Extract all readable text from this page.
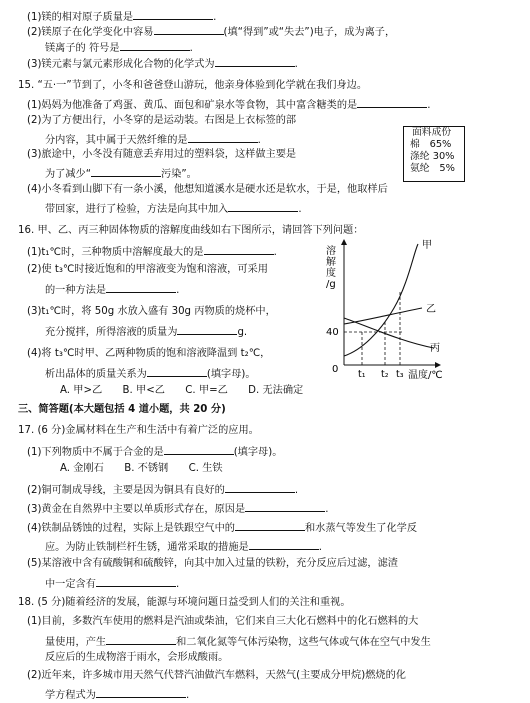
(1)镁的相对原子质量是	.
(2)镁原子在化学变化中容易	(填“得到”或“失去”)电子，成为离子，
镁离子的 符号是	.
(3)镁元素与氯元素形成化合物的化学式为	.
15. “五·一”节到了，小冬和爸爸登山游玩，他亲身体验到化学就在我们身边。
(1)妈妈为他准备了鸡蛋、黄瓜、面包和矿泉水等食物，其中富含糖类的是	.
(2)为了方便出行，小冬穿的是运动装。右图是上衣标签的部
分内容，其中属于天然纤维的是	.
(3)旅途中，小冬没有随意丢弃用过的塑料袋，这样做主要是
为了减少“	污染”。
(4)小冬看到山脚下有一条小溪，他想知道溪水是硬水还是软水，于是，他取样后
带回家，进行了检验，方法是向其中加入	.
面料成份
棉　65%
涤纶 30%
氨纶　5%
16. 甲、乙、丙三种固体物质的溶解度曲线如右下图所示，请回答下列问题：
(1)t₁℃时，三种物质中溶解度最大的是	.
(2)使 t₃℃时接近饱和的甲溶液变为饱和溶液，可采用
的一种方法是	.
(3)t₁℃时，将 50g 水放入盛有 30g 丙物质的烧杯中，
充分搅拌，所得溶液的质量为	g.
(4)将 t₃℃时甲、乙两种物质的饱和溶液降温到 t₂℃，
析出晶体的质量关系为	(填字母)。
A. 甲>乙　　B. 甲<乙　　C. 甲=乙　　D. 无法确定
溶 解 度 /g
0
40
t₁ t₂ t₃ 温度/℃
甲
乙
丙
三、简答题(本大题包括 4 道小题，共 20 分)
17. (6 分)金属材料在生产和生活中有着广泛的应用。
(1)下列物质中不属于合金的是	(填字母)。
A. 金刚石　　B. 不锈钢　　C. 生铁
(2)铜可制成导线，主要是因为铜具有良好的	.
(3)黄金在自然界中主要以单质形式存在，原因是	.
(4)铁制品锈蚀的过程，实际上是铁跟空气中的	和水蒸气等发生了化学反
应。为防止铁制栏杆生锈，通常采取的措施是	.
(5)某溶液中含有硫酸铜和硫酸锌，向其中加入过量的铁粉，充分反应后过滤，滤渣
中一定含有	.
18. (5 分)随着经济的发展，能源与环境问题日益受到人们的关注和重视。
(1)目前，多数汽车使用的燃料是汽油或柴油，它们来自三大化石燃料中的化石燃料的大
量使用，产生	和二氧化氮等气体污染物，这些气体或气体在空气中发生
反应后的生成物溶于雨水，会形成酸雨。
(2)近年来，许多城市用天然气代替汽油做汽车燃料，天然气(主要成分甲烷)燃烧的化
学方程式为	.
